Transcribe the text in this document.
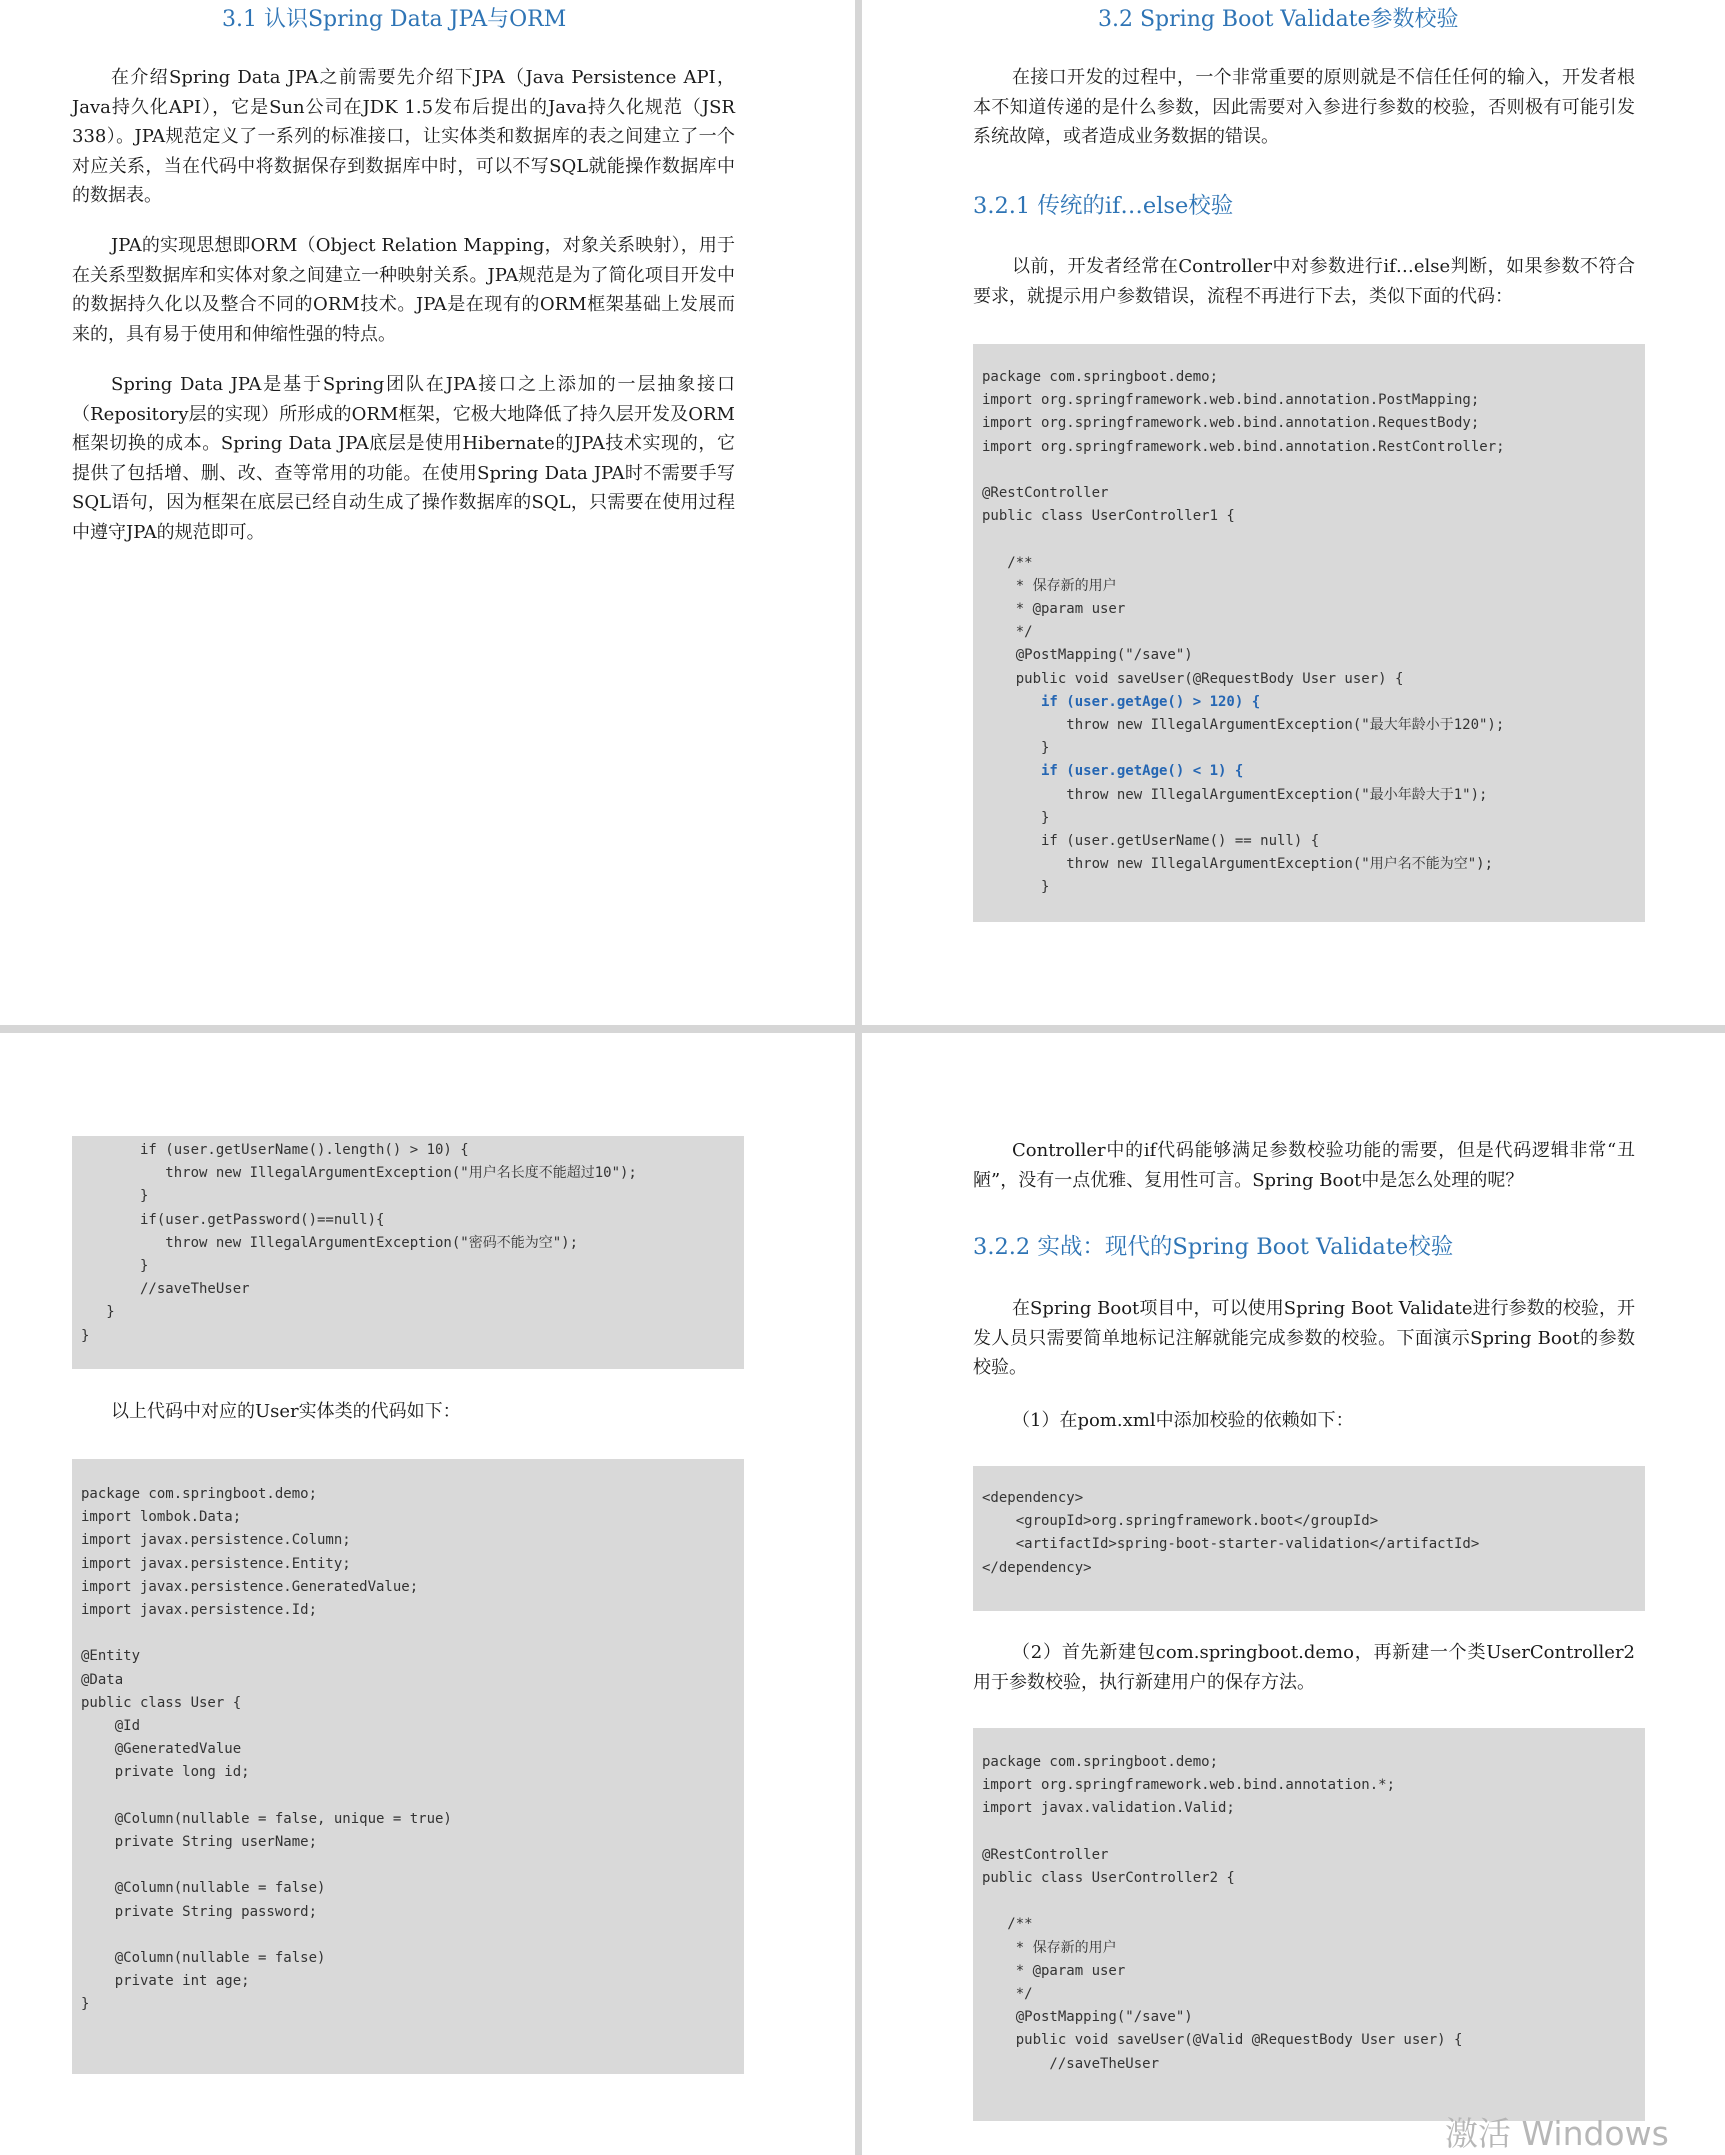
3.1 认识Spring Data JPA与ORM

在介绍Spring Data JPA之前需要先介绍下JPA（Java Persistence API，Java持久化API），它是Sun公司在JDK 1.5发布后提出的Java持久化规范（JSR 338）。JPA规范定义了一系列的标准接口，让实体类和数据库的表之间建立了一个对应关系，当在代码中将数据保存到数据库中时，可以不写SQL就能操作数据库中的数据表。

JPA的实现思想即ORM（Object Relation Mapping，对象关系映射），用于在关系型数据库和实体对象之间建立一种映射关系。JPA规范是为了简化项目开发中的数据持久化以及整合不同的ORM技术。JPA是在现有的ORM框架基础上发展而来的，具有易于使用和伸缩性强的特点。

Spring Data JPA是基于Spring团队在JPA接口之上添加的一层抽象接口（Repository层的实现）所形成的ORM框架，它极大地降低了持久层开发及ORM框架切换的成本。Spring Data JPA底层是使用Hibernate的JPA技术实现的，它提供了包括增、删、改、查等常用的功能。在使用Spring Data JPA时不需要手写SQL语句，因为框架在底层已经自动生成了操作数据库的SQL，只需要在使用过程中遵守JPA的规范即可。

3.2 Spring Boot Validate参数校验

在接口开发的过程中，一个非常重要的原则就是不信任任何的输入，开发者根本不知道传递的是什么参数，因此需要对入参进行参数的校验，否则极有可能引发系统故障，或者造成业务数据的错误。

3.2.1 传统的if…else校验

以前，开发者经常在Controller中对参数进行if…else判断，如果参数不符合要求，就提示用户参数错误，流程不再进行下去，类似下面的代码：

package com.springboot.demo;
import org.springframework.web.bind.annotation.PostMapping;
import org.springframework.web.bind.annotation.RequestBody;
import org.springframework.web.bind.annotation.RestController;

@RestController
public class UserController1 {

/**
* 保存新的用户
* @param user
*/
@PostMapping("/save")
public void saveUser(@RequestBody User user) {
if (user.getAge() > 120) {
throw new IllegalArgumentException("最大年龄小于120");
}
if (user.getAge() < 1) {
throw new IllegalArgumentException("最小年龄大于1");
}
if (user.getUserName() == null) {
throw new IllegalArgumentException("用户名不能为空");
}
if (user.getUserName().length() > 10) {
throw new IllegalArgumentException("用户名长度不能超过10");
}
if(user.getPassword()==null){
throw new IllegalArgumentException("密码不能为空");
}
//saveTheUser
}
}

以上代码中对应的User实体类的代码如下：

package com.springboot.demo;
import lombok.Data;
import javax.persistence.Column;
import javax.persistence.Entity;
import javax.persistence.GeneratedValue;
import javax.persistence.Id;

@Entity
@Data
public class User {
@Id
@GeneratedValue
private long id;

@Column(nullable = false, unique = true)
private String userName;

@Column(nullable = false)
private String password;

@Column(nullable = false)
private int age;
}

Controller中的if代码能够满足参数校验功能的需要，但是代码逻辑非常“丑陋”，没有一点优雅、复用性可言。Spring Boot中是怎么处理的呢？

3.2.2 实战：现代的Spring Boot Validate校验

在Spring Boot项目中，可以使用Spring Boot Validate进行参数的校验，开发人员只需要简单地标记注解就能完成参数的校验。下面演示Spring Boot的参数校验。

（1）在pom.xml中添加校验的依赖如下：

<dependency>
<groupId>org.springframework.boot</groupId>
<artifactId>spring-boot-starter-validation</artifactId>
</dependency>

（2）首先新建包com.springboot.demo，再新建一个类UserController2用于参数校验，执行新建用户的保存方法。

package com.springboot.demo;
import org.springframework.web.bind.annotation.*;
import javax.validation.Valid;

@RestController
public class UserController2 {

/**
* 保存新的用户
* @param user
*/
@PostMapping("/save")
public void saveUser(@Valid @RequestBody User user) {
//saveTheUser

激活 Windows
